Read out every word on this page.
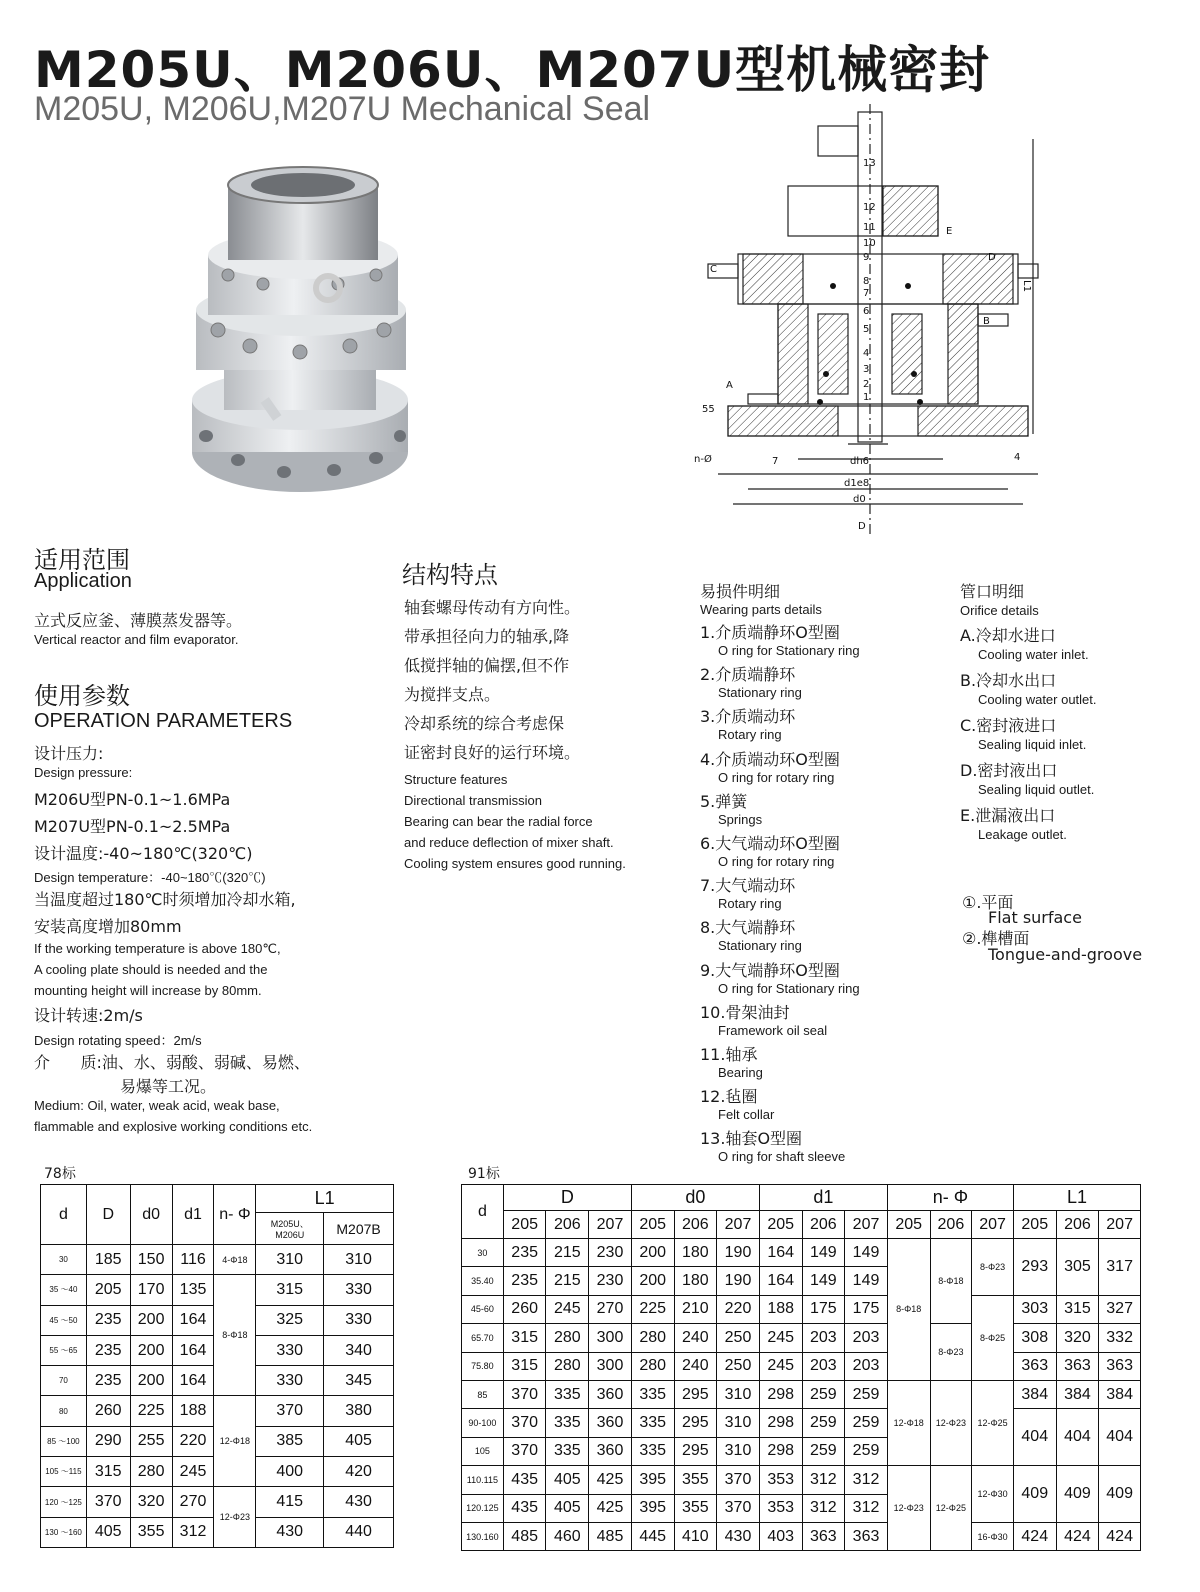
M205U、M206U、M207U型机械密封
M205U, M206U,M207U Mechanical Seal
13
12
11
10
9
8
7
6
5
4
3
2
1
C
D
B
A
E
L1
55
n-Ø	7	dh6
d1e8
d0
D
4
适用范围
Application
立式反应釜、薄膜蒸发器等。
Vertical reactor and film evaporator.
使用参数
OPERATION PARAMETERS
设计压力:
Design pressure:
M206U型PN-0.1~1.6MPa
M207U型PN-0.1~2.5MPa
设计温度:-40~180℃(320℃)
Design temperature：-40~180℃(320℃)
当温度超过180℃时须增加冷却水箱,
安装高度增加80mm
If the working temperature is above 180℃,
A cooling plate should is needed and the
mounting height will increase by 80mm.
设计转速:2m/s
Design rotating speed：2m/s
介      质:油、水、弱酸、弱碱、易燃、
易爆等工况。
Medium: Oil, water, weak acid, weak base,
flammable and explosive working conditions etc.
结构特点
轴套螺母传动有方向性。
带承担径向力的轴承,降
低搅拌轴的偏摆,但不作
为搅拌支点。
冷却系统的综合考虑保
证密封良好的运行环境。
Structure features
Directional transmission
Bearing can bear the radial force
and reduce deflection of mixer shaft.
Cooling system ensures good running.
易损件明细
Wearing parts details
1.介质端静环O型圈
O ring for Stationary ring
2.介质端静环
Stationary ring
3.介质端动环
Rotary ring
4.介质端动环O型圈
O ring for rotary ring
5.弹簧
Springs
6.大气端动环O型圈
O ring for rotary ring
7.大气端动环
Rotary ring
8.大气端静环
Stationary ring
9.大气端静环O型圈
O ring for Stationary ring
10.骨架油封
Framework oil seal
11.轴承
Bearing
12.毡圈
Felt collar
13.轴套O型圈
O ring for shaft sleeve
管口明细
Orifice details
A.冷却水进口
Cooling water inlet.
B.冷却水出口
Cooling water outlet.
C.密封液进口
Sealing liquid inlet.
D.密封液出口
Sealing liquid outlet.
E.泄漏液出口
Leakage outlet.
①.平面
Flat surface
②.榫槽面
Tongue-and-groove
78标
d	D	d0	d1	n- Φ	L1	
					M205U、M206U	M207B
30	185	150	116	4-Φ18	310	310
35 ～40	205	170	135	8-Φ18	315	330
45 ～50	235	200	164		325	330
55 ～65	235	200	164		330	340
70	235	200	164		330	345
80	260	225	188	12-Φ18	370	380
85 ～100	290	255	220		385	405
105 ～115	315	280	245		400	420
120 ～125	370	320	270	12-Φ23	415	430
130 ～160	405	355	312		430	440
91标
d	D			d0			d1			n- Φ			L1		
	205	206	207	205	206	207	205	206	207	205	206	207	205	206	207
30	235	215	230	200	180	190	164	149	149	8-Φ18	8-Φ18	8-Φ23	293	305	317
35.40	235	215	230	200	180	190	164	149	149						
45-60	260	245	270	225	210	220	188	175	175			8-Φ25	303	315	327
65.70	315	280	300	280	240	250	245	203	203		8-Φ23		308	320	332
75.80	315	280	300	280	240	250	245	203	203				363	363	363
85	370	335	360	335	295	310	298	259	259	12-Φ18	12-Φ23	12-Φ25	384	384	384
90-100	370	335	360	335	295	310	298	259	259				404	404	404
105	370	335	360	335	295	310	298	259	259						
110.115	435	405	425	395	355	370	353	312	312	12-Φ23	12-Φ25	12-Φ30	409	409	409
120.125	435	405	425	395	355	370	353	312	312						
130.160	485	460	485	445	410	430	403	363	363			16-Φ30	424	424	424
